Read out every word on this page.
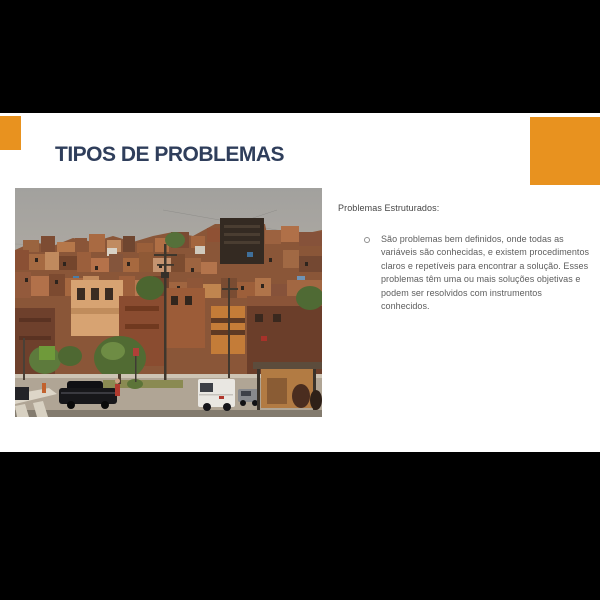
TIPOS DE PROBLEMAS
Problemas Estruturados:
São problemas bem definidos, onde todas as
variáveis são conhecidas, e existem procedimentos
claros e repetíveis para encontrar a solução. Esses
problemas têm uma ou mais soluções objetivas e
podem ser resolvidos com instrumentos
conhecidos.
